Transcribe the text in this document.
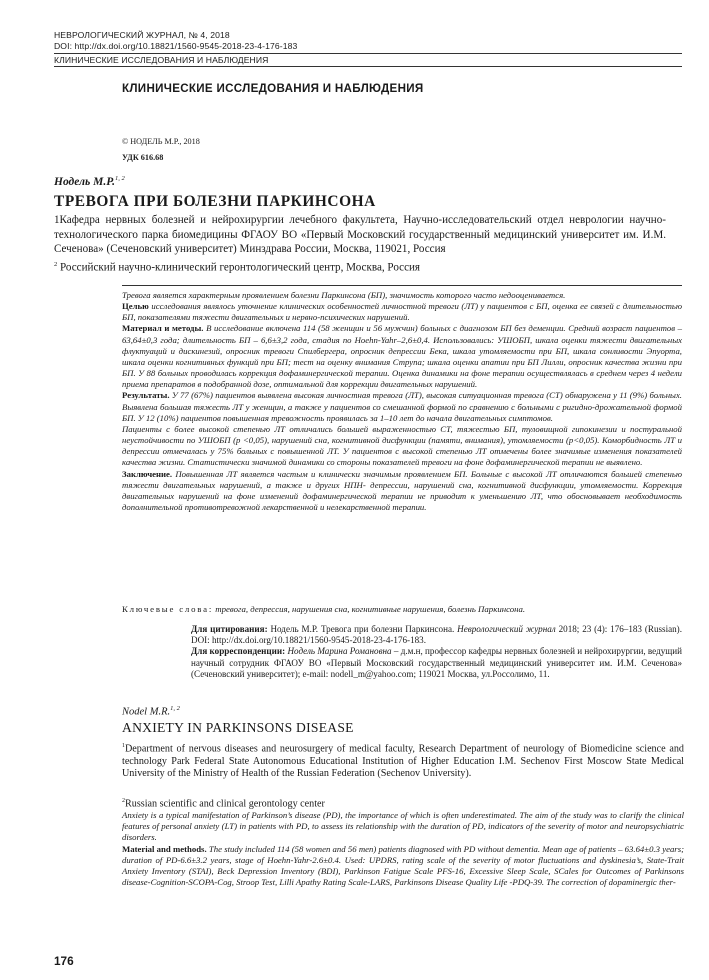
НЕВРОЛОГИЧЕСКИЙ ЖУРНАЛ, № 4, 2018
DOI: http://dx.doi.org/10.18821/1560-9545-2018-23-4-176-183
КЛИНИЧЕСКИЕ ИССЛЕДОВАНИЯ И НАБЛЮДЕНИЯ
КЛИНИЧЕСКИЕ ИССЛЕДОВАНИЯ И НАБЛЮДЕНИЯ
© НОДЕЛЬ М.Р., 2018
УДК 616.68
Нодель М.Р.$^{1, 2}$
ТРЕВОГА ПРИ БОЛЕЗНИ ПАРКИНСОНА
1Кафедра нервных болезней и нейрохирургии лечебного факультета, Научно-исследовательский отдел неврологии научно-технологического парка биомедицины ФГАОУ ВО «Первый Московский государственный медицинский университет им. И.М. Сеченова» (Сеченовский университет) Минздрава России, Москва, 119021, Россия
$^2$ Российский научно-клинический геронтологический центр, Москва, Россия

Тревога является характерным проявлением болезни Паркинсона (БП), значимость которого часто недооценивается.

Целью исследования являлось уточнение клинических особенностей личностной тревоги (ЛТ) у пациентов с БП, оценка ее связей с длительностью БП, показателями тяжести двигательных и нервно-психических нарушений.

Материал и методы. В исследование включена 114 (58 женщин и 56 мужчин) больных с диагнозом БП без деменции. Средний возраст пациентов – 63,64±0,3 года; длительность БП – 6,6±3,2 года, стадия по Hoehn-Yahr–2,6±0,4. Использовались: УШОБП, шкала оценки тяжести двигательных флуктуаций и дискинезий, опросник тревоги Спилбергера, опросник депрессии Бека, шкала утомляемости при БП, шкала сонливости Эпуорта, шкала оценки когнитивных функций при БП; тест на оценку внимания Струпа; шкала оценки апатии при БП Лилли, опросник качества жизни при БП. У 88 больных проводилась коррекция дофаминергической терапии. Оценка динамики на фоне терапии осуществлялась в среднем через 4 недели приема препаратов в подобранной дозе, оптимальной для коррекции двигательных нарушений.

Результаты. У 77 (67%) пациентов выявлена высокая личностная тревога (ЛТ), высокая ситуационная тревога (СТ) обнаружена у 11 (9%) больных. Выявлена большая тяжесть ЛТ у женщин, а также у пациентов со смешанной формой по сравнению с больными с ригидно-дрожательной формой БП. У 12 (10%) пациентов повышенная тревожность проявилась за 1–10 лет до начала двигательных симптомов.

Пациенты с более высокой степенью ЛТ отличались большей выраженностью СТ, тяжестью БП, туловищной гипокинезии и постуральной неустойчивости по УШОБП (p <0,05), нарушений сна, когнитивной дисфункции (памяти, внимания), утомляемости (p<0,05). Коморбидность ЛТ и депрессии отмечалась у 75% больных с повышенной ЛТ. У пациентов с высокой степенью ЛТ отмечены более значимые изменения показателей качества жизни. Статистически значимой динамики со стороны показателей тревоги на фоне дофаминергической терапии не выявлено.

Заключение. Повышенная ЛТ является частым и клинически значимым проявлением БП. Больные с высокой ЛТ отличаются большей степенью тяжести двигательных нарушений, а также и других НПН- депрессии, нарушений сна, когнитивной дисфункции, утомляемости. Коррекция двигательных нарушений на фоне изменений дофаминергической терапии не приводит к уменьшению ЛТ, что обосновывает необходимость дополнительной противотревожной лекарственной и нелекарственной терапии.

Ключевые слова: тревога, депрессия, нарушения сна, когнитивные нарушения, болезнь Паркинсона.

Для цитирования: Нодель М.Р. Тревога при болезни Паркинсона. Неврологический журнал 2018; 23 (4): 176–183 (Russian). DOI: http://dx.doi.org/10.18821/1560-9545-2018-23-4-176-183.

Для корреспонденции: Нодель Марина Романовна – д.м.н, профессор кафедры нервных болезней и нейрохирургии, ведущий научный сотрудник ФГАОУ ВО «Первый Московский государственный медицинский университет им. И.М. Сеченова» (Сеченовский университет); e-mail: nodell_m@yahoo.com; 119021 Москва, ул.Россолимо, 11.

Nodel M.R.$^{1, 2}$
ANXIETY IN PARKINSONS DISEASE
$^1$Department of nervous diseases and neurosurgery of medical faculty, Research Department of neurology of Biomedicine science and technology Park Federal State Autonomous Educational Institution of Higher Education I.M. Sechenov First Moscow State Medical University of the Ministry of Health of the Russian Federation (Sechenov University).
$^2$Russian scientific and clinical gerontology center

Anxiety is a typical manifestation of Parkinson’s disease (PD), the importance of which is often underestimated. The aim of the study was to clarify the clinical features of personal anxiety (LT) in patients with PD, to assess its relationship with the duration of PD, indicators of the severity of motor and neuropsychiatric disorders.

Material and methods. The study included 114 (58 women and 56 men) patients diagnosed with PD without dementia. Mean age of patients – 63.64±0.3 years; duration of PD-6.6±3.2 years, stage of Hoehn-Yahr-2.6±0.4. Used: UPDRS, rating scale of the severity of motor fluctuations and dyskinesia’s, State-Trait Anxiety Inventory (STAI), Beck Depression Inventory (BDI), Parkinson Fatigue Scale PFS-16, Excessive Sleep Scale, SCales for Outcomes of Parkinsons disease-Cognition-SCOPA-Cog, Stroop Test, Lilli Apathy Rating Scale-LARS, Parkinsons Disease Quality Life -PDQ-39. The correction of dopaminergic ther-

176
